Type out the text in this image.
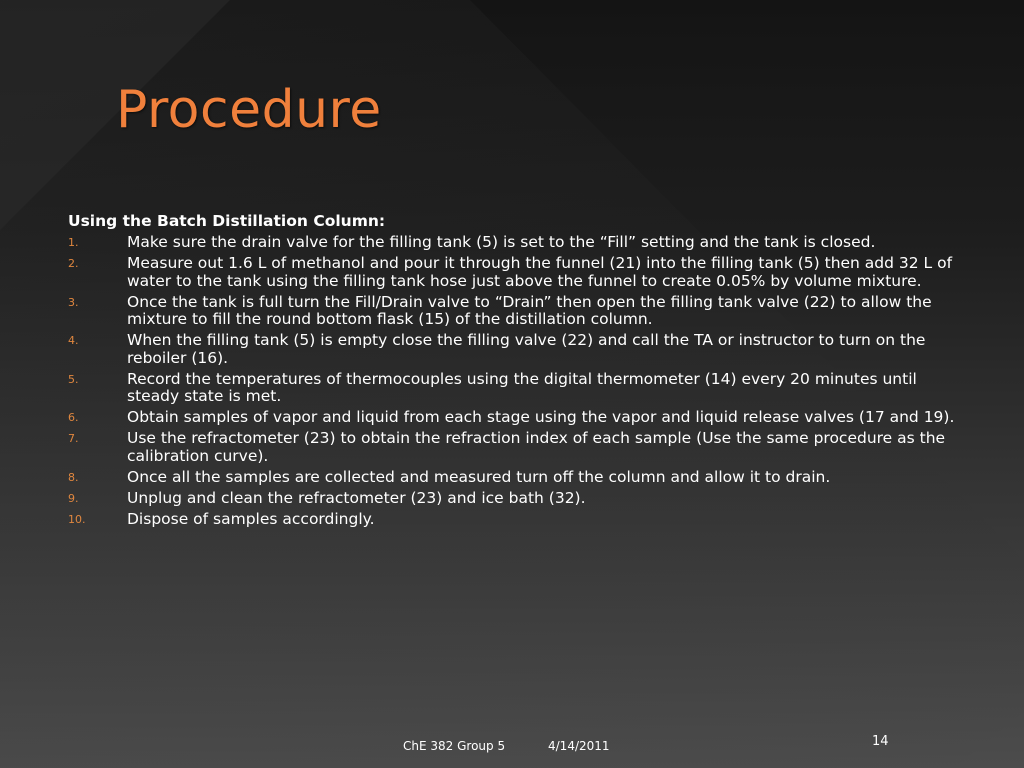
Procedure
Using the Batch Distillation Column:
1.	Make sure the drain valve for the filling tank (5) is set to the “Fill” setting and the tank is closed.
2.	Measure out 1.6 L of methanol and pour it through the funnel (21) into the filling tank (5) then add 32 L of water to the tank using the filling tank hose just above the funnel to create 0.05% by volume mixture.
3.	Once the tank is full turn the Fill/Drain valve to “Drain” then open the filling tank valve (22) to allow the mixture to fill the round bottom flask (15) of the distillation column.
4.	When the filling tank (5) is empty close the filling valve (22) and call the TA or instructor to turn on the reboiler (16).
5.	Record the temperatures of thermocouples using the digital thermometer (14) every 20 minutes until steady state is met.
6.	Obtain samples of vapor and liquid from each stage using the vapor and liquid release valves (17 and 19).
7.	Use the refractometer (23) to obtain the refraction index of each sample (Use the same procedure as the calibration curve).
8.	Once all the samples are collected and measured turn off the column and allow it to drain.
9.	Unplug and clean the refractometer (23) and ice bath (32).
10.	Dispose of samples accordingly.
ChE 382 Group 5	4/14/2011	14
